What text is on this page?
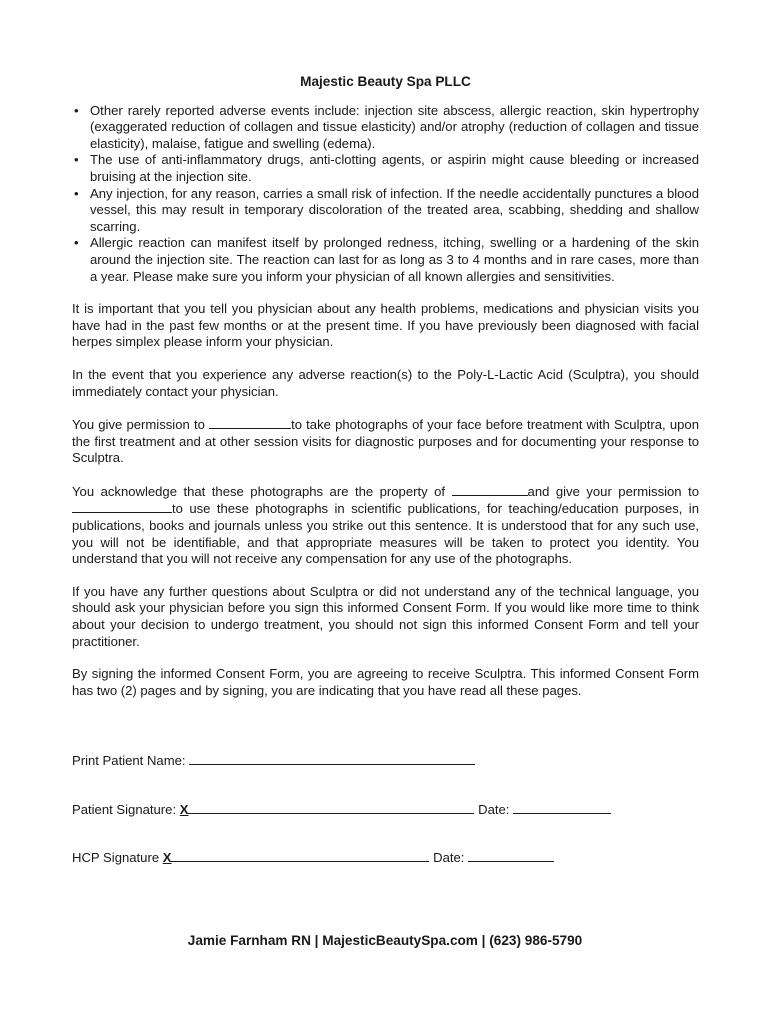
Majestic Beauty Spa PLLC
• Other rarely reported adverse events include: injection site abscess, allergic reaction, skin hypertrophy (exaggerated reduction of collagen and tissue elasticity) and/or atrophy (reduction of collagen and tissue elasticity), malaise, fatigue and swelling (edema).
• The use of anti-inflammatory drugs, anti-clotting agents, or aspirin might cause bleeding or increased bruising at the injection site.
• Any injection, for any reason, carries a small risk of infection. If the needle accidentally punctures a blood vessel, this may result in temporary discoloration of the treated area, scabbing, shedding and shallow scarring.
• Allergic reaction can manifest itself by prolonged redness, itching, swelling or a hardening of the skin around the injection site. The reaction can last for as long as 3 to 4 months and in rare cases, more than a year. Please make sure you inform your physician of all known allergies and sensitivities.

It is important that you tell you physician about any health problems, medications and physician visits you have had in the past few months or at the present time. If you have previously been diagnosed with facial herpes simplex please inform your physician.

In the event that you experience any adverse reaction(s) to the Poly-L-Lactic Acid (Sculptra), you should immediately contact your physician.

You give permission to	to take photographs of your face before treatment with Sculptra, upon the first treatment and at other session visits for diagnostic purposes and for documenting your response to Sculptra.

You acknowledge that these photographs are the property of	and give your permission to to use these photographs in scientific publications, for teaching/education purposes, in publications, books and journals unless you strike out this sentence. It is understood that for any such use, you will not be identifiable, and that appropriate measures will be taken to protect you identity. You understand that you will not receive any compensation for any use of the photographs.

If you have any further questions about Sculptra or did not understand any of the technical language, you should ask your physician before you sign this informed Consent Form. If you would like more time to think about your decision to undergo treatment, you should not sign this informed Consent Form and tell your practitioner.

By signing the informed Consent Form, you are agreeing to receive Sculptra. This informed Consent Form has two (2) pages and by signing, you are indicating that you have read all these pages.

Print Patient Name:
Patient Signature: X	Date:
HCP Signature X	Date:
Jamie Farnham RN | MajesticBeautySpa.com | (623) 986-5790
